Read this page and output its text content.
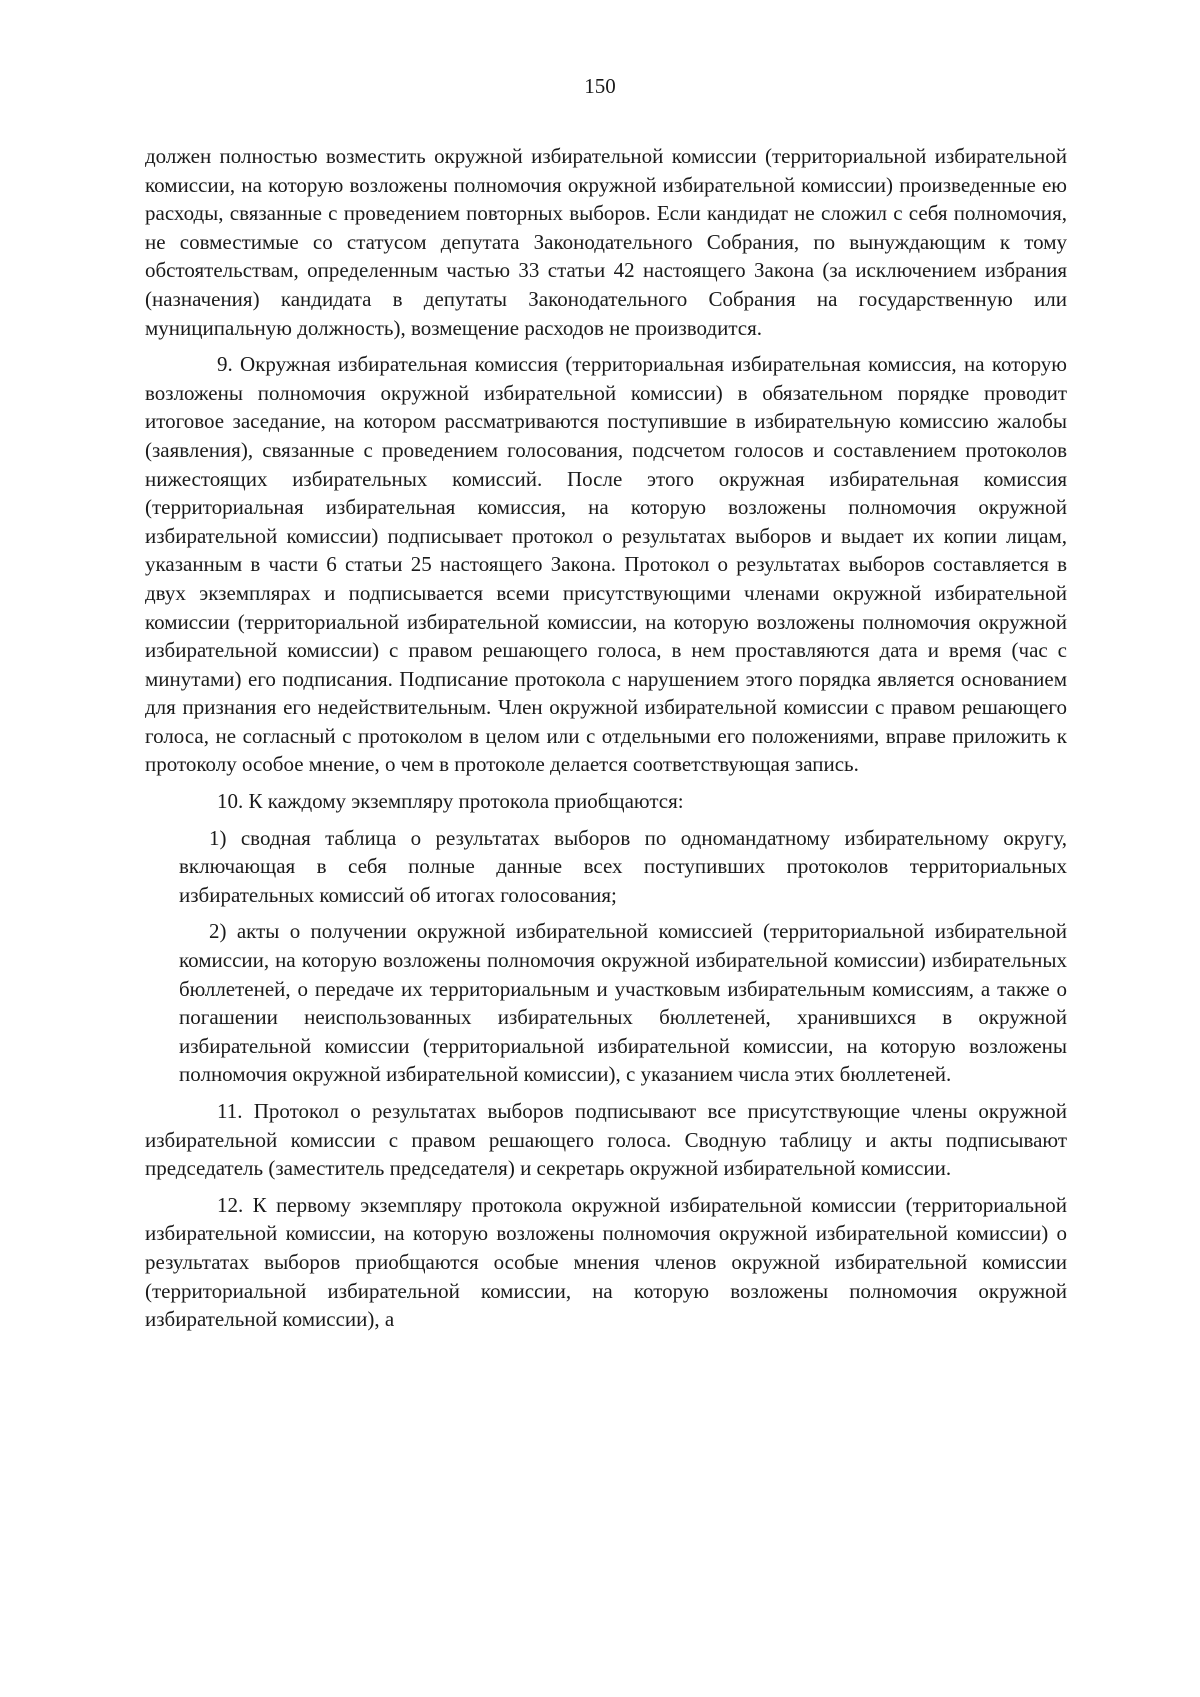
150

должен полностью возместить окружной избирательной комиссии (территориальной избирательной комиссии, на которую возложены полномочия окружной избирательной комиссии) произведенные ею расходы, связанные с проведением повторных выборов. Если кандидат не сложил с себя полномочия, не совместимые со статусом депутата Законодательного Собрания, по вынуждающим к тому обстоятельствам, определенным частью 33 статьи 42 настоящего Закона (за исключением избрания (назначения) кандидата в депутаты Законодательного Собрания на государственную или муниципальную должность), возмещение расходов не производится.

9. Окружная избирательная комиссия (территориальная избирательная комиссия, на которую возложены полномочия окружной избирательной комиссии) в обязательном порядке проводит итоговое заседание, на котором рассматриваются поступившие в избирательную комиссию жалобы (заявления), связанные с проведением голосования, подсчетом голосов и составлением протоколов нижестоящих избирательных комиссий. После этого окружная избирательная комиссия (территориальная избирательная комиссия, на которую возложены полномочия окружной избирательной комиссии) подписывает протокол о результатах выборов и выдает их копии лицам, указанным в части 6 статьи 25 настоящего Закона. Протокол о результатах выборов составляется в двух экземплярах и подписывается всеми присутствующими членами окружной избирательной комиссии (территориальной избирательной комиссии, на которую возложены полномочия окружной избирательной комиссии) с правом решающего голоса, в нем проставляются дата и время (час с минутами) его подписания. Подписание протокола с нарушением этого порядка является основанием для признания его недействительным. Член окружной избирательной комиссии с правом решающего голоса, не согласный с протоколом в целом или с отдельными его положениями, вправе приложить к протоколу особое мнение, о чем в протоколе делается соответствующая запись.

10. К каждому экземпляру протокола приобщаются:

1) сводная таблица о результатах выборов по одномандатному избирательному округу, включающая в себя полные данные всех поступивших протоколов территориальных избирательных комиссий об итогах голосования;

2) акты о получении окружной избирательной комиссией (территориальной избирательной комиссии, на которую возложены полномочия окружной избирательной комиссии) избирательных бюллетеней, о передаче их территориальным и участковым избирательным комиссиям, а также о погашении неиспользованных избирательных бюллетеней, хранившихся в окружной избирательной комиссии (территориальной избирательной комиссии, на которую возложены полномочия окружной избирательной комиссии), с указанием числа этих бюллетеней.

11. Протокол о результатах выборов подписывают все присутствующие члены окружной избирательной комиссии с правом решающего голоса. Сводную таблицу и акты подписывают председатель (заместитель председателя) и секретарь окружной избирательной комиссии.

12. К первому экземпляру протокола окружной избирательной комиссии (территориальной избирательной комиссии, на которую возложены полномочия окружной избирательной комиссии) о результатах выборов приобщаются особые мнения членов окружной избирательной комиссии (территориальной избирательной комиссии, на которую возложены полномочия окружной избирательной комиссии), а
